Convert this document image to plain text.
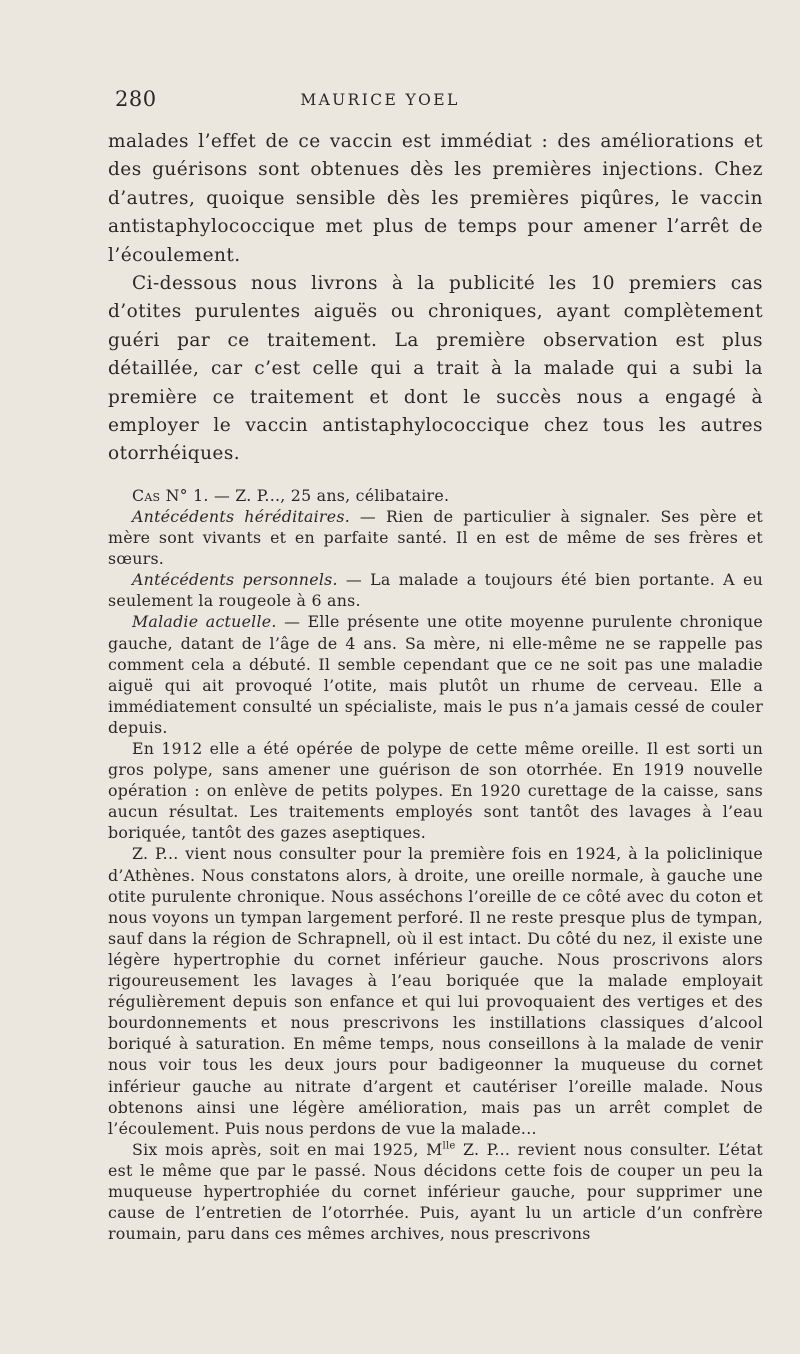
280	MAURICE YOEL

malades l’effet de ce vaccin est immédiat : des améliorations et des guérisons sont obtenues dès les premières injections. Chez d’autres, quoique sensible dès les premières piqûres, le vaccin antistaphylococcique met plus de temps pour amener l’arrêt de l’écoulement.

Ci-dessous nous livrons à la publicité les 10 premiers cas d’otites purulentes aiguës ou chroniques, ayant complètement guéri par ce traitement. La première observation est plus détaillée, car c’est celle qui a trait à la malade qui a subi la première ce traitement et dont le succès nous a engagé à employer le vaccin antistaphylococcique chez tous les autres otorrhéiques.

Cas N° 1. — Z. P..., 25 ans, célibataire.

Antécédents héréditaires. — Rien de particulier à signaler. Ses père et mère sont vivants et en parfaite santé. Il en est de même de ses frères et sœurs.

Antécédents personnels. — La malade a toujours été bien portante. A eu seulement la rougeole à 6 ans.

Maladie actuelle. — Elle présente une otite moyenne purulente chronique gauche, datant de l’âge de 4 ans. Sa mère, ni elle-même ne se rappelle pas comment cela a débuté. Il semble cependant que ce ne soit pas une maladie aiguë qui ait provoqué l’otite, mais plutôt un rhume de cerveau. Elle a immédiatement consulté un spécialiste, mais le pus n’a jamais cessé de couler depuis.

En 1912 elle a été opérée de polype de cette même oreille. Il est sorti un gros polype, sans amener une guérison de son otorrhée. En 1919 nouvelle opération : on enlève de petits polypes. En 1920 curettage de la caisse, sans aucun résultat. Les traitements employés sont tantôt des lavages à l’eau boriquée, tantôt des gazes aseptiques.

Z. P... vient nous consulter pour la première fois en 1924, à la policlinique d’Athènes. Nous constatons alors, à droite, une oreille normale, à gauche une otite purulente chronique. Nous asséchons l’oreille de ce côté avec du coton et nous voyons un tympan largement perforé. Il ne reste presque plus de tympan, sauf dans la région de Schrapnell, où il est intact. Du côté du nez, il existe une légère hypertrophie du cornet inférieur gauche. Nous proscrivons alors rigoureusement les lavages à l’eau boriquée que la malade employait régulièrement depuis son enfance et qui lui provoquaient des vertiges et des bourdonnements et nous prescrivons les instillations classiques d’alcool boriqué à saturation. En même temps, nous conseillons à la malade de venir nous voir tous les deux jours pour badigeonner la muqueuse du cornet inférieur gauche au nitrate d’argent et cautériser l’oreille malade. Nous obtenons ainsi une légère amélioration, mais pas un arrêt complet de l’écoulement. Puis nous perdons de vue la malade...

Six mois après, soit en mai 1925, $M^{lle}$ Z. P... revient nous consulter. L’état est le même que par le passé. Nous décidons cette fois de couper un peu la muqueuse hypertrophiée du cornet inférieur gauche, pour supprimer une cause de l’entretien de l’otorrhée. Puis, ayant lu un article d’un confrère roumain, paru dans ces mêmes archives, nous prescrivons
